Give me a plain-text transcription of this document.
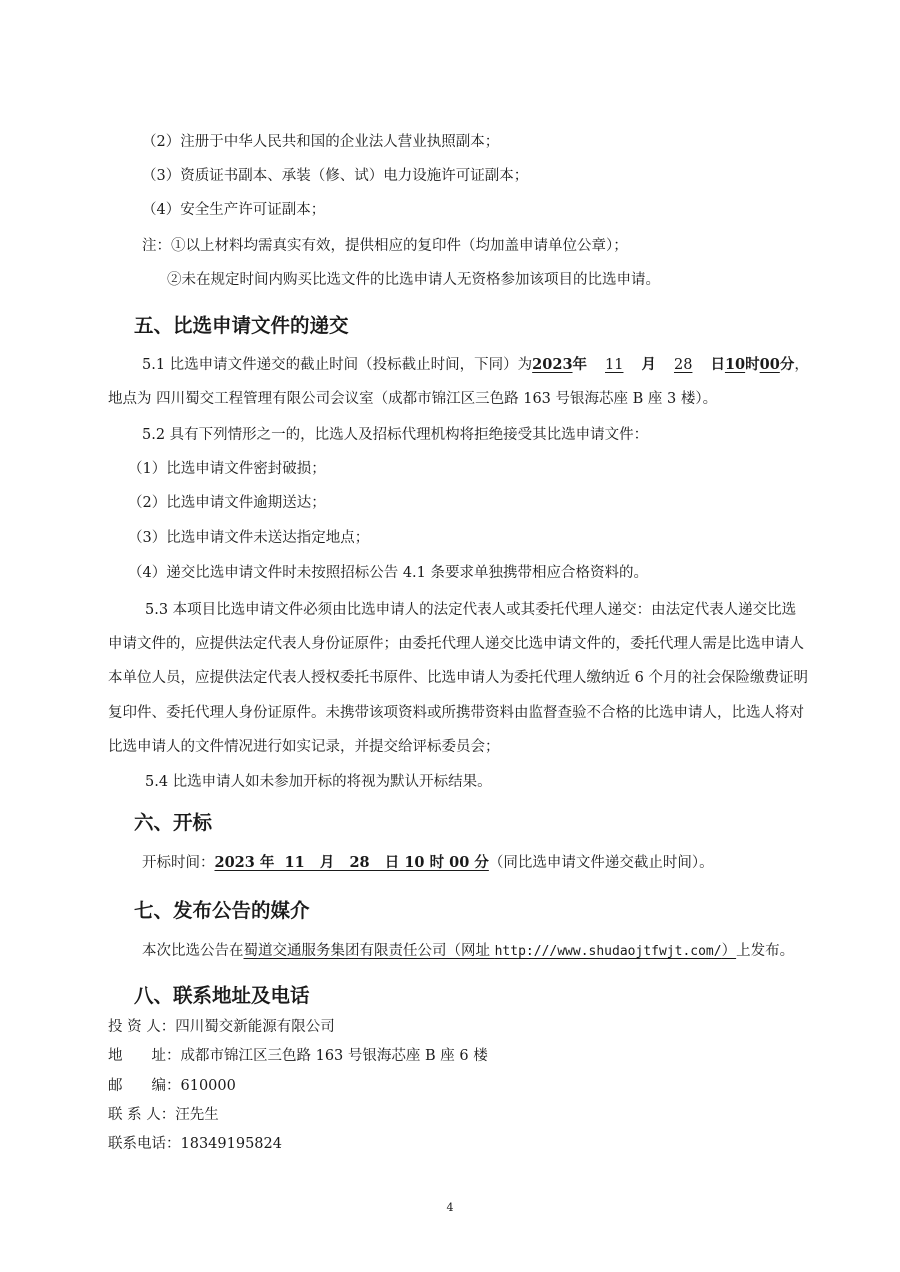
（2）注册于中华人民共和国的企业法人营业执照副本；
（3）资质证书副本、承装（修、试）电力设施许可证副本；
（4）安全生产许可证副本；
注：①以上材料均需真实有效，提供相应的复印件（均加盖申请单位公章）；
②未在规定时间内购买比选文件的比选申请人无资格参加该项目的比选申请。
五、比选申请文件的递交
5.1 比选申请文件递交的截止时间（投标截止时间，下同）为2023年 11 月 28 日10时00分，
地点为 四川蜀交工程管理有限公司会议室（成都市锦江区三色路 163 号银海芯座 B 座 3 楼）。
5.2 具有下列情形之一的，比选人及招标代理机构将拒绝接受其比选申请文件：
（1）比选申请文件密封破损；
（2）比选申请文件逾期送达；
（3）比选申请文件未送达指定地点；
（4）递交比选申请文件时未按照招标公告 4.1 条要求单独携带相应合格资料的。
5.3 本项目比选申请文件必须由比选申请人的法定代表人或其委托代理人递交：由法定代表人递交比选
申请文件的，应提供法定代表人身份证原件；由委托代理人递交比选申请文件的，委托代理人需是比选申请人
本单位人员，应提供法定代表人授权委托书原件、比选申请人为委托代理人缴纳近 6 个月的社会保险缴费证明
复印件、委托代理人身份证原件。未携带该项资料或所携带资料由监督查验不合格的比选申请人，比选人将对
比选申请人的文件情况进行如实记录，并提交给评标委员会；
5.4 比选申请人如未参加开标的将视为默认开标结果。
六、开标
开标时间：2023 年  11   月   28   日 10 时 00 分（同比选申请文件递交截止时间）。
七、发布公告的媒介
本次比选公告在蜀道交通服务集团有限责任公司（网址 http:///www.shudaojtfwjt.com/）上发布。
八、联系地址及电话
投 资 人：四川蜀交新能源有限公司
地　　址：成都市锦江区三色路 163 号银海芯座 B 座 6 楼
邮　　编：610000
联 系 人：汪先生
联系电话：18349195824
4
